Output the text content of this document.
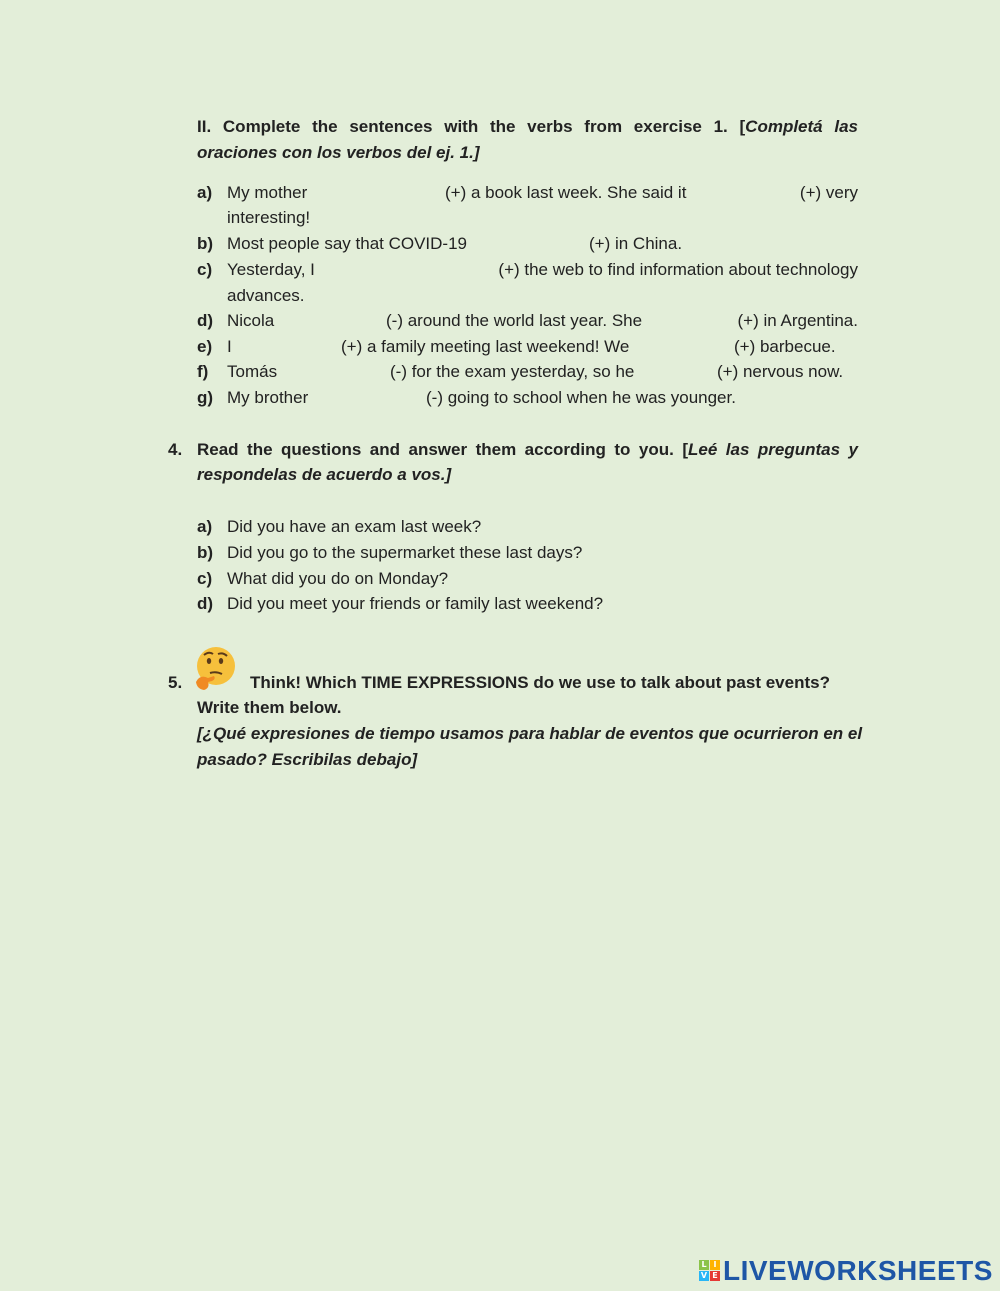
II. Complete the sentences with the verbs from exercise 1. [Completá las
oraciones con los verbos del ej. 1.]
a) My mother	(+) a book last week. She said it	(+) very
interesting!
b) Most people say that COVID-19	(+) in China.
c) Yesterday, I	(+) the web to find information about technology
advances.
d) Nicola	(-) around the world last year. She	(+) in Argentina.
e) I	(+) a family meeting last weekend! We	(+) barbecue.
f) Tomás	(-) for the exam yesterday, so he	(+) nervous now.
g) My brother	(-) going to school when he was younger.
4. Read the questions and answer them according to you. [Leé las preguntas y
respondelas de acuerdo a vos.]
a) Did you have an exam last week?
b) Did you go to the supermarket these last days?
c) What did you do on Monday?
d) Did you meet your friends or family last weekend?
5.	Think! Which TIME EXPRESSIONS do we use to talk about past events?
Write them below.
[¿Qué expresiones de tiempo usamos para hablar de eventos que ocurrieron en el
pasado? Escribilas debajo]
L I
V E LIVEWORKSHEETS
